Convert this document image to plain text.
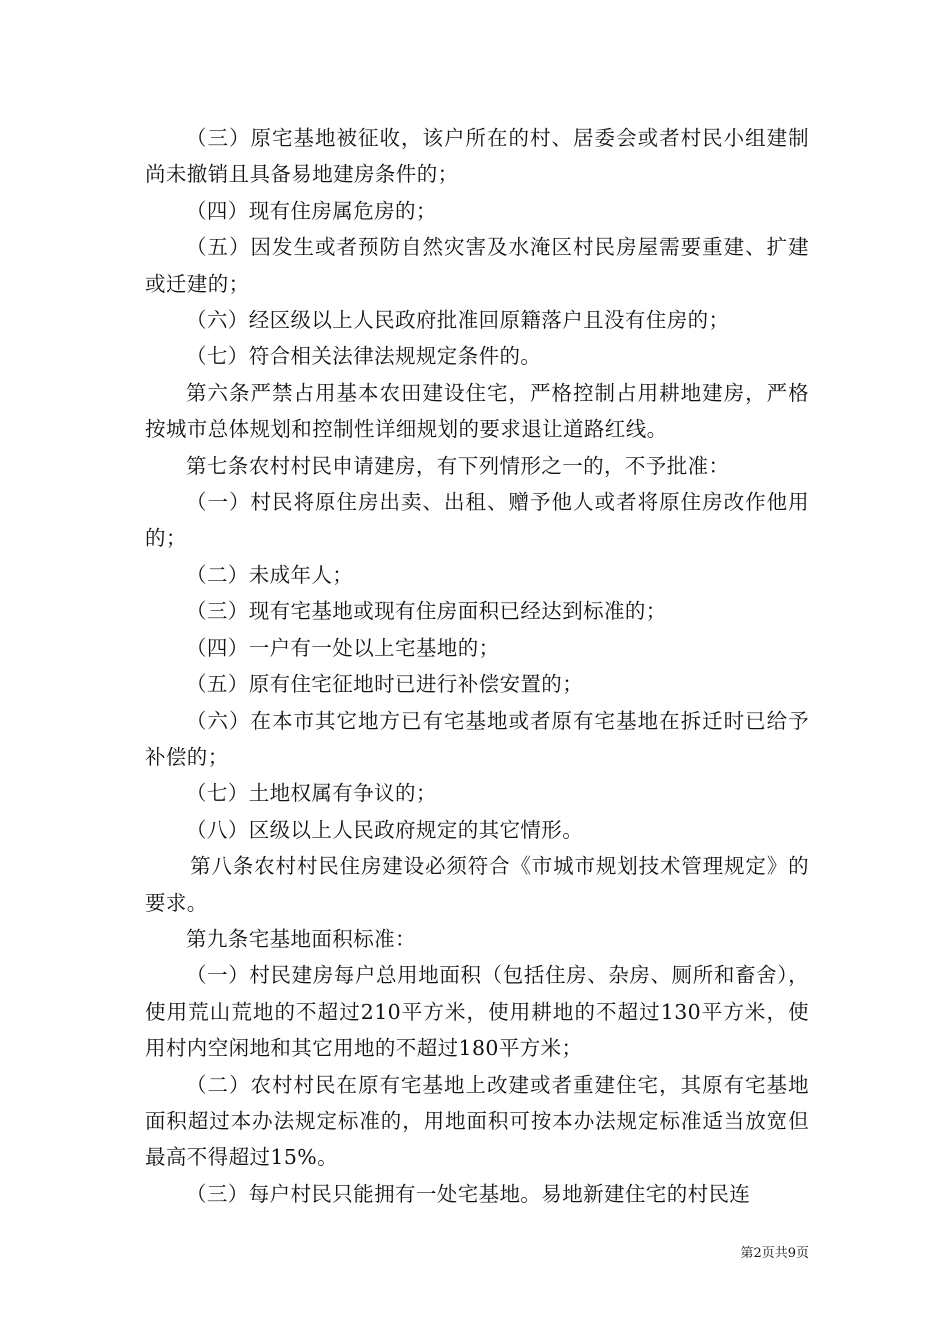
（三）原宅基地被征收，该户所在的村、居委会或者村民小组建制尚未撤销且具备易地建房条件的；

（四）现有住房属危房的；

（五）因发生或者预防自然灾害及水淹区村民房屋需要重建、扩建或迁建的；

（六）经区级以上人民政府批准回原籍落户且没有住房的；

（七）符合相关法律法规规定条件的。

第六条严禁占用基本农田建设住宅，严格控制占用耕地建房，严格按城市总体规划和控制性详细规划的要求退让道路红线。

第七条农村村民申请建房，有下列情形之一的，不予批准：

（一）村民将原住房出卖、出租、赠予他人或者将原住房改作他用的；

（二）未成年人；

（三）现有宅基地或现有住房面积已经达到标准的；

（四）一户有一处以上宅基地的；

（五）原有住宅征地时已进行补偿安置的；

（六）在本市其它地方已有宅基地或者原有宅基地在拆迁时已给予补偿的；

（七）土地权属有争议的；

（八）区级以上人民政府规定的其它情形。

第八条农村村民住房建设必须符合《市城市规划技术管理规定》的要求。

第九条宅基地面积标准：

（一）村民建房每户总用地面积（包括住房、杂房、厕所和畜舍），使用荒山荒地的不超过210平方米，使用耕地的不超过130平方米，使用村内空闲地和其它用地的不超过180平方米；

（二）农村村民在原有宅基地上改建或者重建住宅，其原有宅基地面积超过本办法规定标准的，用地面积可按本办法规定标准适当放宽但最高不得超过15%。

（三）每户村民只能拥有一处宅基地。易地新建住宅的村民连

第2页共9页
